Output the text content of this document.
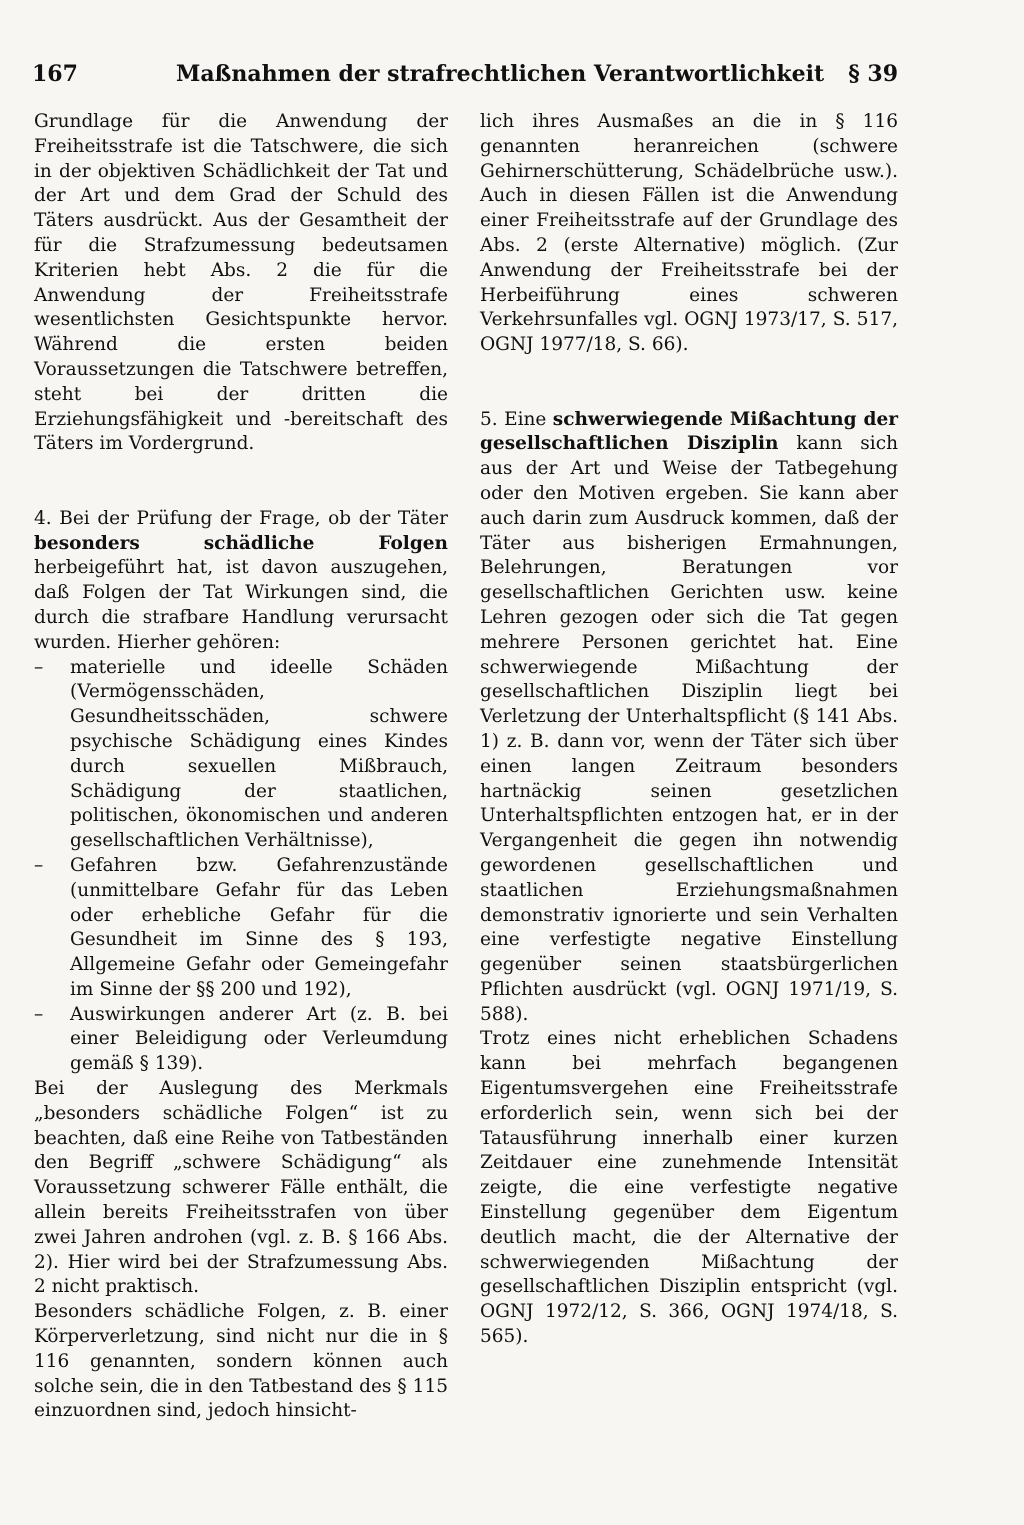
167	Maßnahmen der strafrechtlichen Verantwortlichkeit § 39

Grundlage für die Anwendung der Freiheitsstrafe ist die Tatschwere, die sich in der objektiven Schädlichkeit der Tat und der Art und dem Grad der Schuld des Täters ausdrückt. Aus der Gesamtheit der für die Strafzumessung bedeutsamen Kriterien hebt Abs. 2 die für die Anwendung der Freiheitsstrafe wesentlichsten Gesichtspunkte hervor. Während die ersten beiden Voraussetzungen die Tatschwere betreffen, steht bei der dritten die Erziehungsfähigkeit und -bereitschaft des Täters im Vordergrund.

4. Bei der Prüfung der Frage, ob der Täter besonders schädliche Folgen herbeigeführt hat, ist davon auszugehen, daß Folgen der Tat Wirkungen sind, die durch die strafbare Handlung verursacht wurden. Hierher gehören:

– materielle und ideelle Schäden (Vermögensschäden, Gesundheitsschäden, schwere psychische Schädigung eines Kindes durch sexuellen Mißbrauch, Schädigung der staatlichen, politischen, ökonomischen und anderen gesellschaftlichen Verhältnisse),
– Gefahren bzw. Gefahrenzustände (unmittelbare Gefahr für das Leben oder erhebliche Gefahr für die Gesundheit im Sinne des § 193, Allgemeine Gefahr oder Gemeingefahr im Sinne der §§ 200 und 192),
– Auswirkungen anderer Art (z. B. bei einer Beleidigung oder Verleumdung gemäß § 139).

Bei der Auslegung des Merkmals „besonders schädliche Folgen“ ist zu beachten, daß eine Reihe von Tatbeständen den Begriff „schwere Schädigung“ als Voraussetzung schwerer Fälle enthält, die allein bereits Freiheitsstrafen von über zwei Jahren androhen (vgl. z. B. § 166 Abs. 2). Hier wird bei der Strafzumessung Abs. 2 nicht praktisch.

Besonders schädliche Folgen, z. B. einer Körperverletzung, sind nicht nur die in § 116 genannten, sondern können auch solche sein, die in den Tatbestand des § 115 einzuordnen sind, jedoch hinsicht-

lich ihres Ausmaßes an die in § 116 genannten heranreichen (schwere Gehirnerschütterung, Schädelbrüche usw.). Auch in diesen Fällen ist die Anwendung einer Freiheitsstrafe auf der Grundlage des Abs. 2 (erste Alternative) möglich. (Zur Anwendung der Freiheitsstrafe bei der Herbeiführung eines schweren Verkehrsunfalles vgl. OGNJ 1973/17, S. 517, OGNJ 1977/18, S. 66).

5. Eine schwerwiegende Mißachtung der gesellschaftlichen Disziplin kann sich aus der Art und Weise der Tatbegehung oder den Motiven ergeben. Sie kann aber auch darin zum Ausdruck kommen, daß der Täter aus bisherigen Ermahnungen, Belehrungen, Beratungen vor gesellschaftlichen Gerichten usw. keine Lehren gezogen oder sich die Tat gegen mehrere Personen gerichtet hat. Eine schwerwiegende Mißachtung der gesellschaftlichen Disziplin liegt bei Verletzung der Unterhaltspflicht (§ 141 Abs. 1) z. B. dann vor, wenn der Täter sich über einen langen Zeitraum besonders hartnäckig seinen gesetzlichen Unterhaltspflichten entzogen hat, er in der Vergangenheit die gegen ihn notwendig gewordenen gesellschaftlichen und staatlichen Erziehungsmaßnahmen demonstrativ ignorierte und sein Verhalten eine verfestigte negative Einstellung gegenüber seinen staatsbürgerlichen Pflichten ausdrückt (vgl. OGNJ 1971/19, S. 588).

Trotz eines nicht erheblichen Schadens kann bei mehrfach begangenen Eigentumsvergehen eine Freiheitsstrafe erforderlich sein, wenn sich bei der Tatausführung innerhalb einer kurzen Zeitdauer eine zunehmende Intensität zeigte, die eine verfestigte negative Einstellung gegenüber dem Eigentum deutlich macht, die der Alternative der schwerwiegenden Mißachtung der gesellschaftlichen Disziplin entspricht (vgl. OGNJ 1972/12, S. 366, OGNJ 1974/18, S. 565).
